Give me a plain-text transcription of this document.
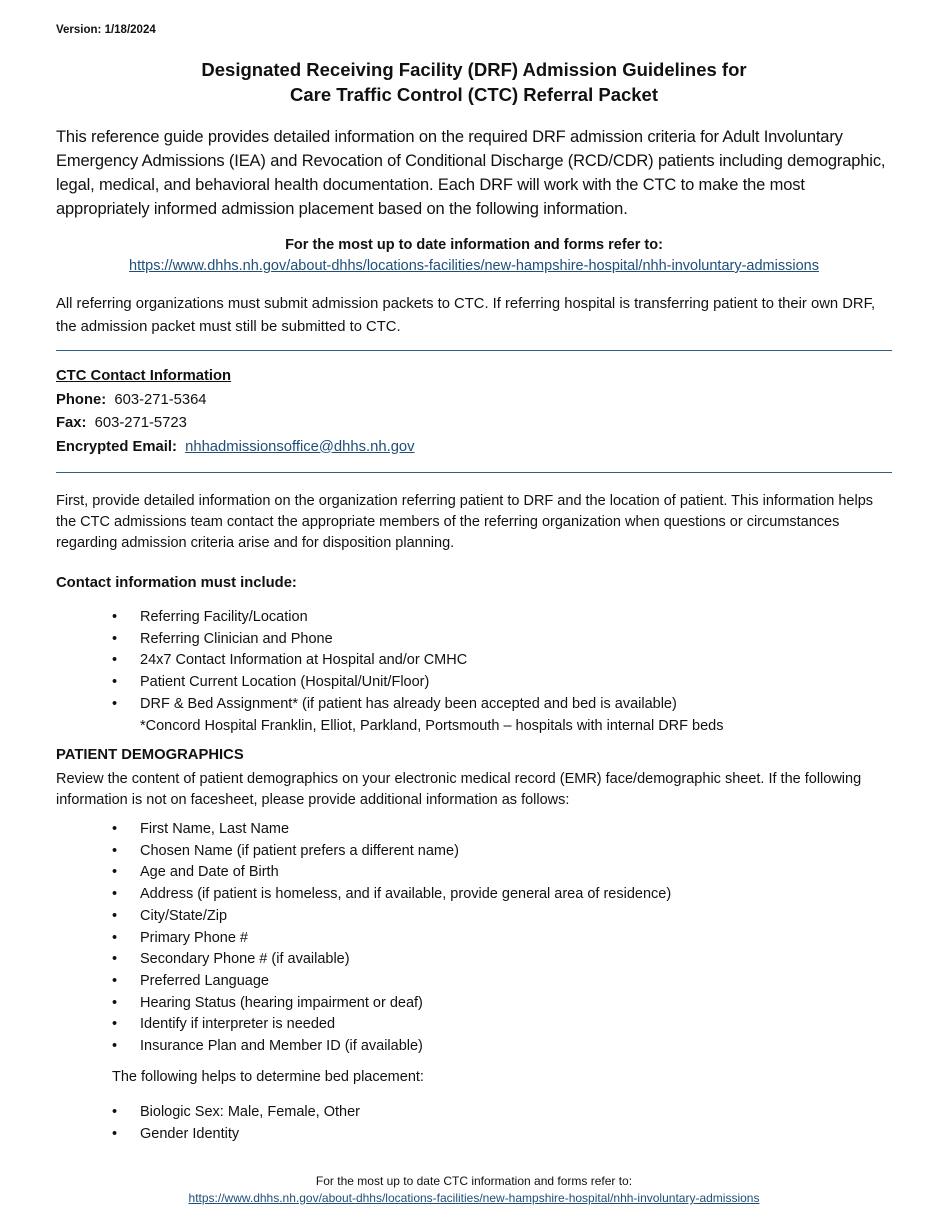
Version: 1/18/2024
Designated Receiving Facility (DRF) Admission Guidelines for
Care Traffic Control (CTC) Referral Packet
This reference guide provides detailed information on the required DRF admission criteria for Adult Involuntary Emergency Admissions (IEA) and Revocation of Conditional Discharge (RCD/CDR) patients including demographic, legal, medical, and behavioral health documentation. Each DRF will work with the CTC to make the most appropriately informed admission placement based on the following information.
For the most up to date information and forms refer to:
https://www.dhhs.nh.gov/about-dhhs/locations-facilities/new-hampshire-hospital/nhh-involuntary-admissions
All referring organizations must submit admission packets to CTC. If referring hospital is transferring patient to their own DRF, the admission packet must still be submitted to CTC.
CTC Contact Information
Phone: 603-271-5364
Fax: 603-271-5723
Encrypted Email: nhhadmissionsoffice@dhhs.nh.gov
First, provide detailed information on the organization referring patient to DRF and the location of patient. This information helps the CTC admissions team contact the appropriate members of the referring organization when questions or circumstances regarding admission criteria arise and for disposition planning.
Contact information must include:
• Referring Facility/Location
• Referring Clinician and Phone
• 24x7 Contact Information at Hospital and/or CMHC
• Patient Current Location (Hospital/Unit/Floor)
• DRF & Bed Assignment* (if patient has already been accepted and bed is available)
*Concord Hospital Franklin, Elliot, Parkland, Portsmouth – hospitals with internal DRF beds
PATIENT DEMOGRAPHICS
Review the content of patient demographics on your electronic medical record (EMR) face/demographic sheet. If the following information is not on facesheet, please provide additional information as follows:
• First Name, Last Name
• Chosen Name (if patient prefers a different name)
• Age and Date of Birth
• Address (if patient is homeless, and if available, provide general area of residence)
• City/State/Zip
• Primary Phone #
• Secondary Phone # (if available)
• Preferred Language
• Hearing Status (hearing impairment or deaf)
• Identify if interpreter is needed
• Insurance Plan and Member ID (if available)
The following helps to determine bed placement:
• Biologic Sex: Male, Female, Other
• Gender Identity
For the most up to date CTC information and forms refer to:
https://www.dhhs.nh.gov/about-dhhs/locations-facilities/new-hampshire-hospital/nhh-involuntary-admissions
